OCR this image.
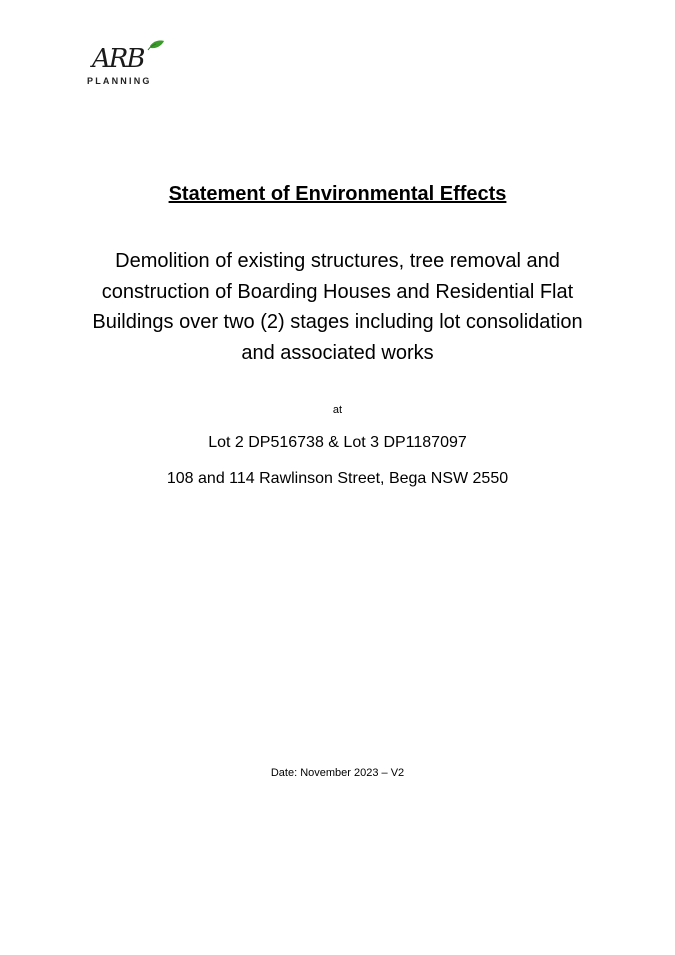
ARB
PLANNING
Statement of Environmental Effects
Demolition of existing structures, tree removal and construction of Boarding Houses and Residential Flat Buildings over two (2) stages including lot consolidation and associated works
at
Lot 2 DP516738 & Lot 3 DP1187097
108 and 114 Rawlinson Street, Bega NSW 2550
Date: November 2023 – V2
